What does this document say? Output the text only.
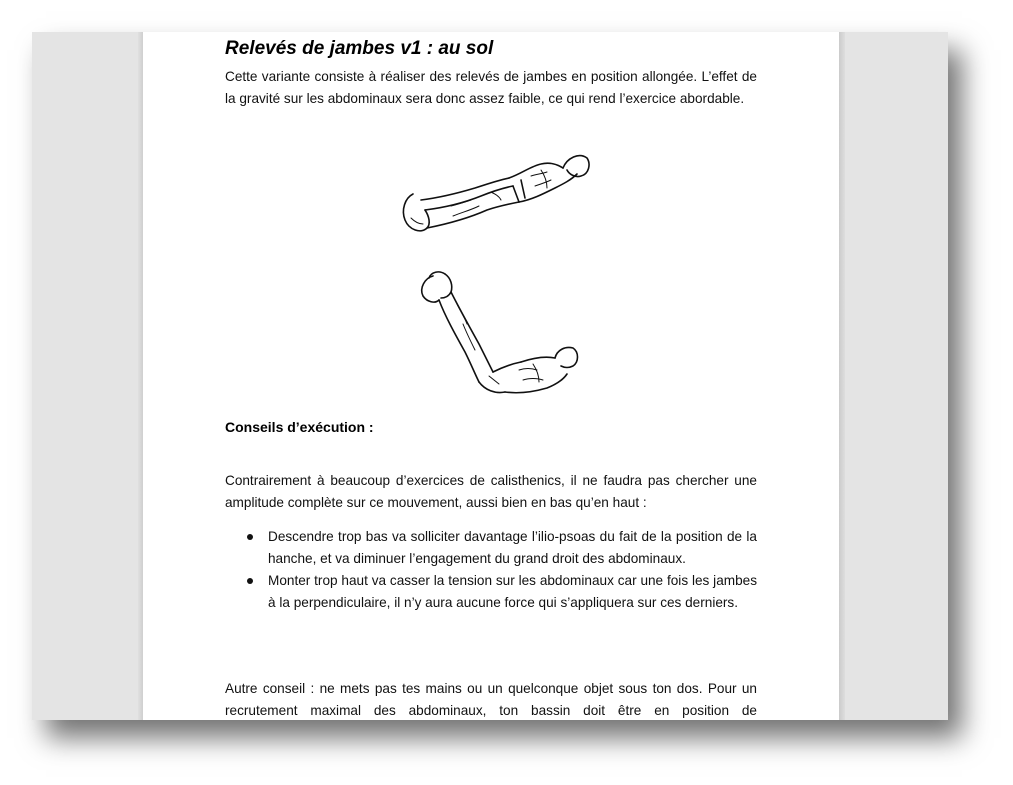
Relevés de jambes v1 : au sol

Cette variante consiste à réaliser des relevés de jambes en position allongée. L’effet de la gravité sur les abdominaux sera donc assez faible, ce qui rend l’exercice abordable.

Conseils d’exécution :

Contrairement à beaucoup d’exercices de calisthenics, il ne faudra pas chercher une amplitude complète sur ce mouvement, aussi bien en bas qu’en haut :

Descendre trop bas va solliciter davantage l’ilio-psoas du fait de la position de la hanche, et va diminuer l’engagement du grand droit des abdominaux.
Monter trop haut va casser la tension sur les abdominaux car une fois les jambes à la perpendiculaire, il n’y aura aucune force qui s’appliquera sur ces derniers.

Autre conseil : ne mets pas tes mains ou un quelconque objet sous ton dos. Pour un recrutement maximal des abdominaux, ton bassin doit être en position de
